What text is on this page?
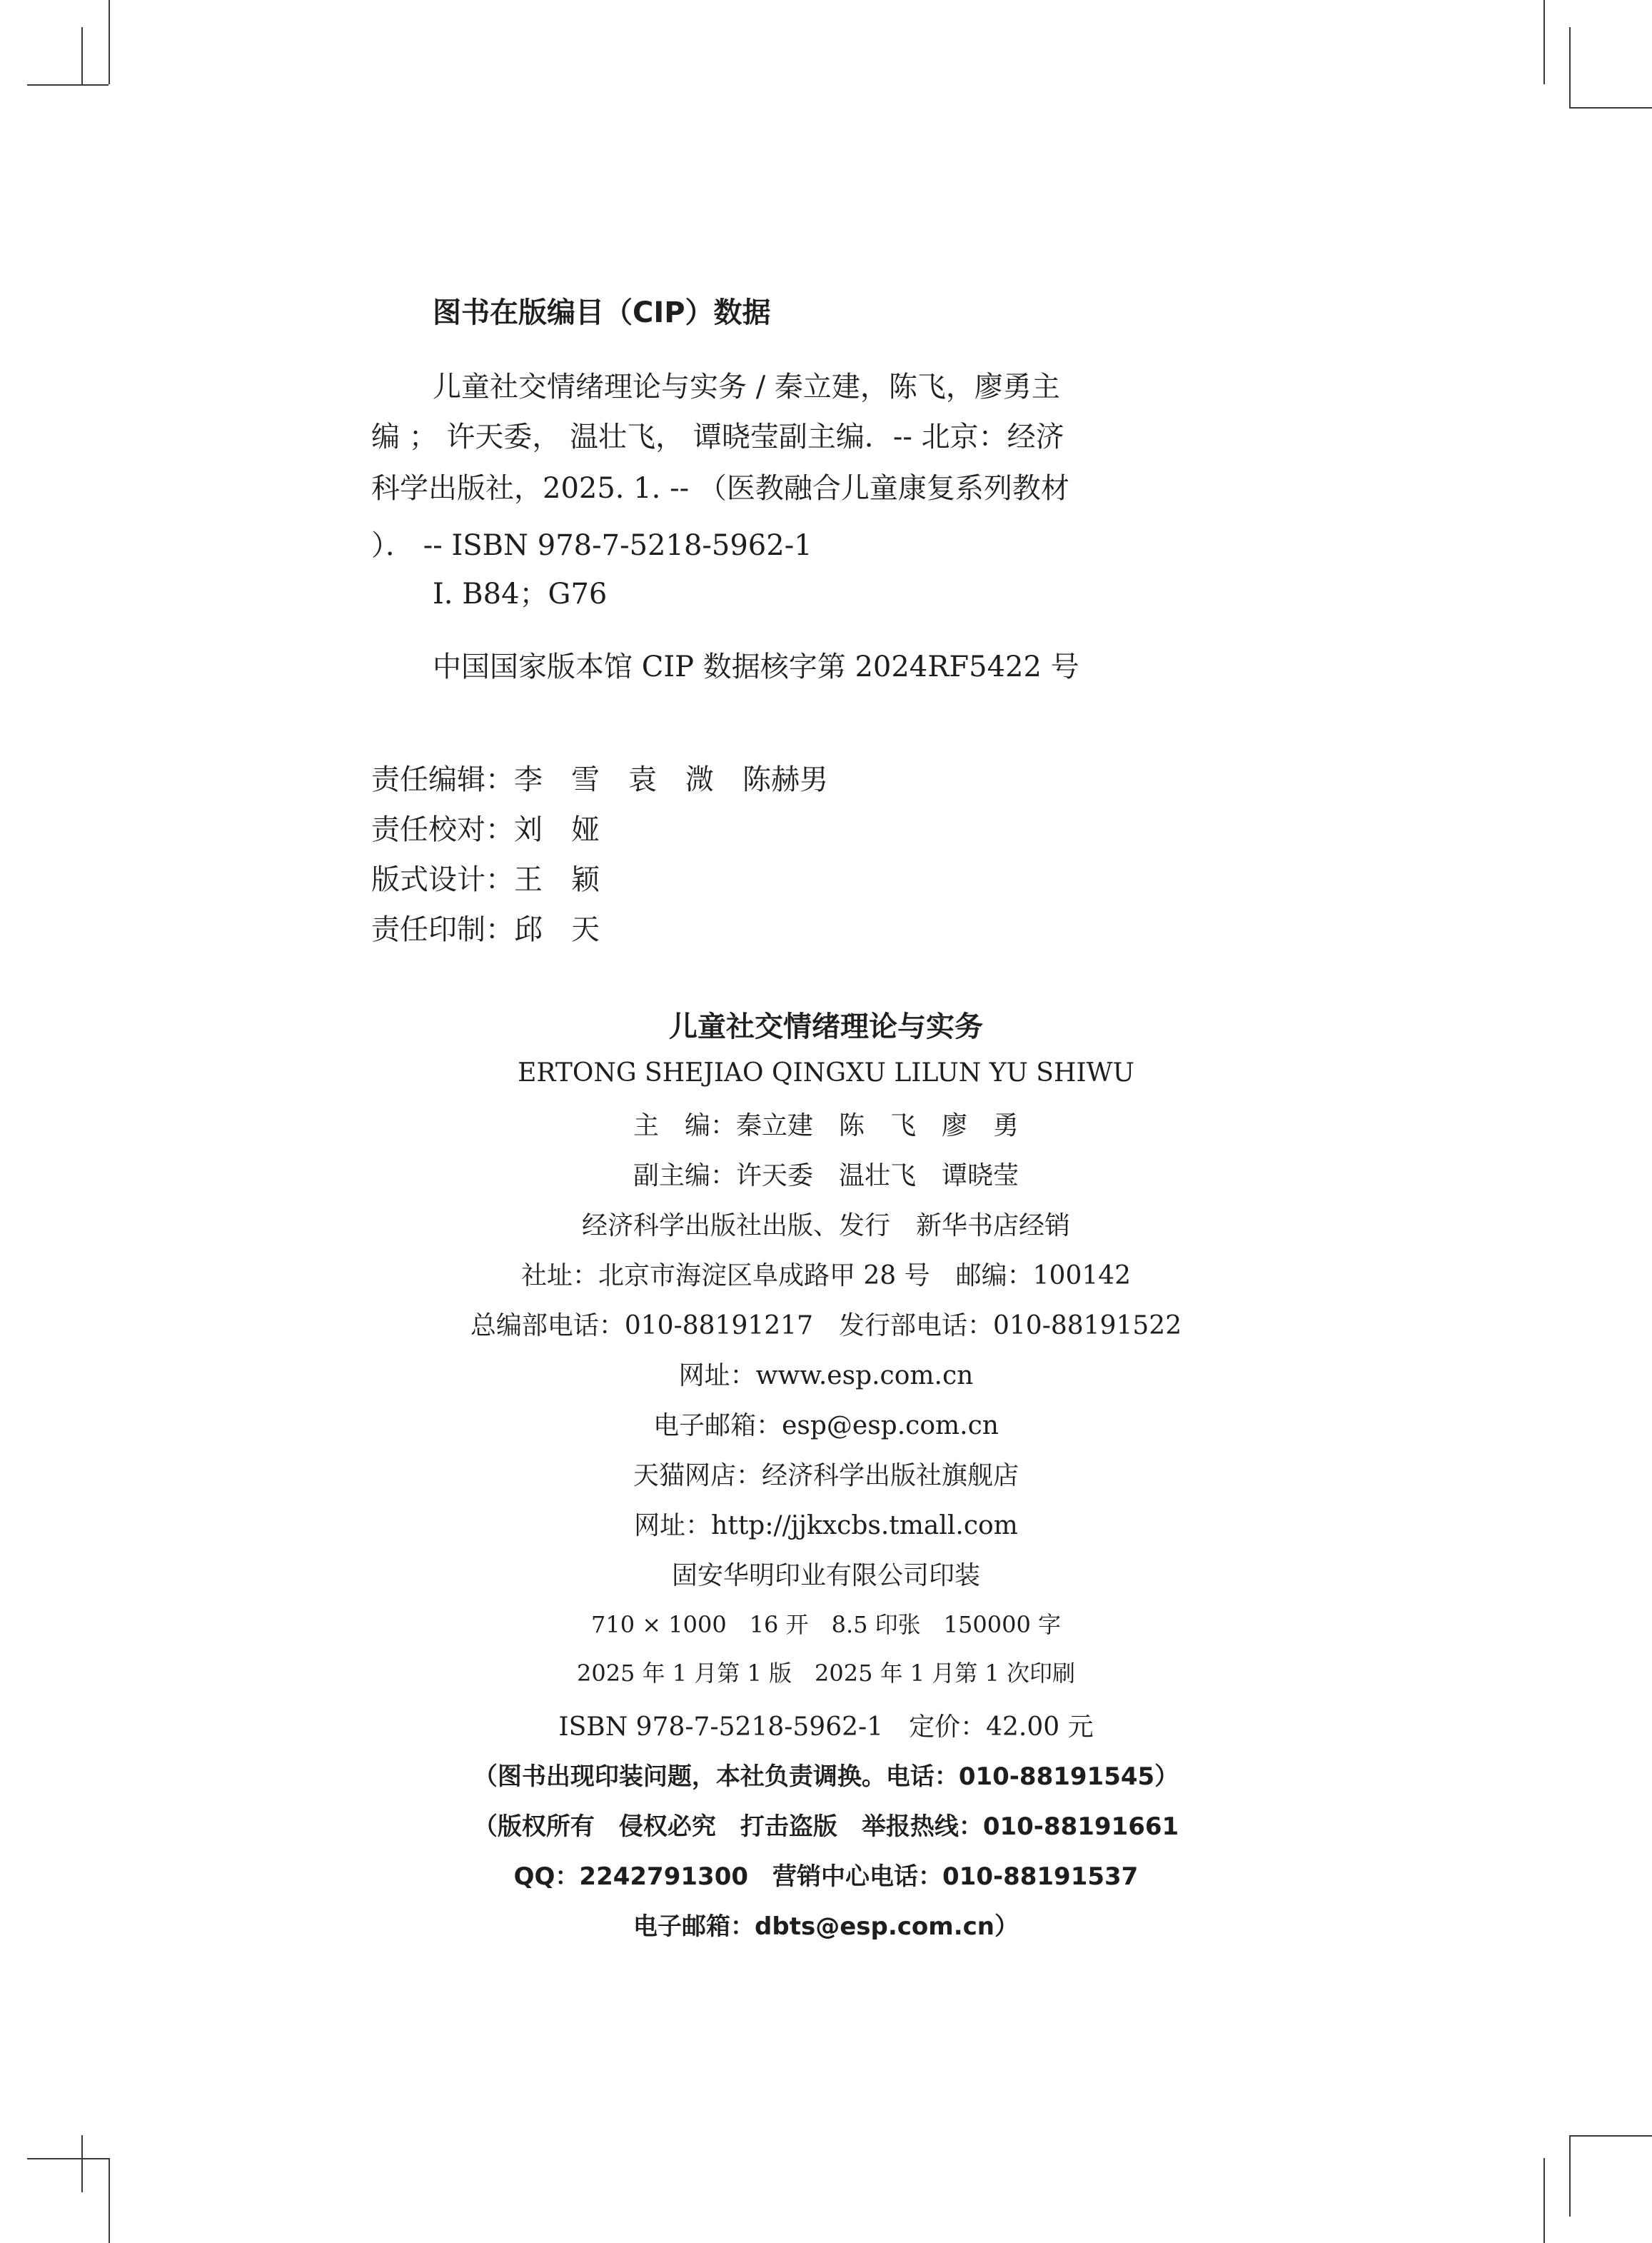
图书在版编目（CIP）数据
儿童社交情绪理论与实务 / 秦立建，陈飞，廖勇主
编 ； 许天委， 温壮飞， 谭晓莹副主编．-- 北京：经济
科学出版社，2025. 1. -- （医教融合儿童康复系列教材
）． -- ISBN 978-7-5218-5962-1
Ⅰ. B84；G76
中国国家版本馆 CIP 数据核字第 2024RF5422 号
责任编辑：李　雪　袁　溦　陈赫男
责任校对：刘　娅
版式设计：王　颖
责任印制：邱　天
儿童社交情绪理论与实务
ERTONG SHEJIAO QINGXU LILUN YU SHIWU
主　编：秦立建　陈　飞　廖　勇
副主编：许天委　温壮飞　谭晓莹
经济科学出版社出版、发行　新华书店经销
社址：北京市海淀区阜成路甲 28 号　邮编：100142
总编部电话：010-88191217　发行部电话：010-88191522
网址：www.esp.com.cn
电子邮箱：esp@esp.com.cn
天猫网店：经济科学出版社旗舰店
网址：http://jjkxcbs.tmall.com
固安华明印业有限公司印装
710 × 1000　16 开　8.5 印张　150000 字
2025 年 1 月第 1 版　2025 年 1 月第 1 次印刷
ISBN 978-7-5218-5962-1　定价：42.00 元
（图书出现印装问题，本社负责调换。电话：010-88191545）
（版权所有　侵权必究　打击盗版　举报热线：010-88191661
QQ：2242791300　营销中心电话：010-88191537
电子邮箱：dbts@esp.com.cn）
